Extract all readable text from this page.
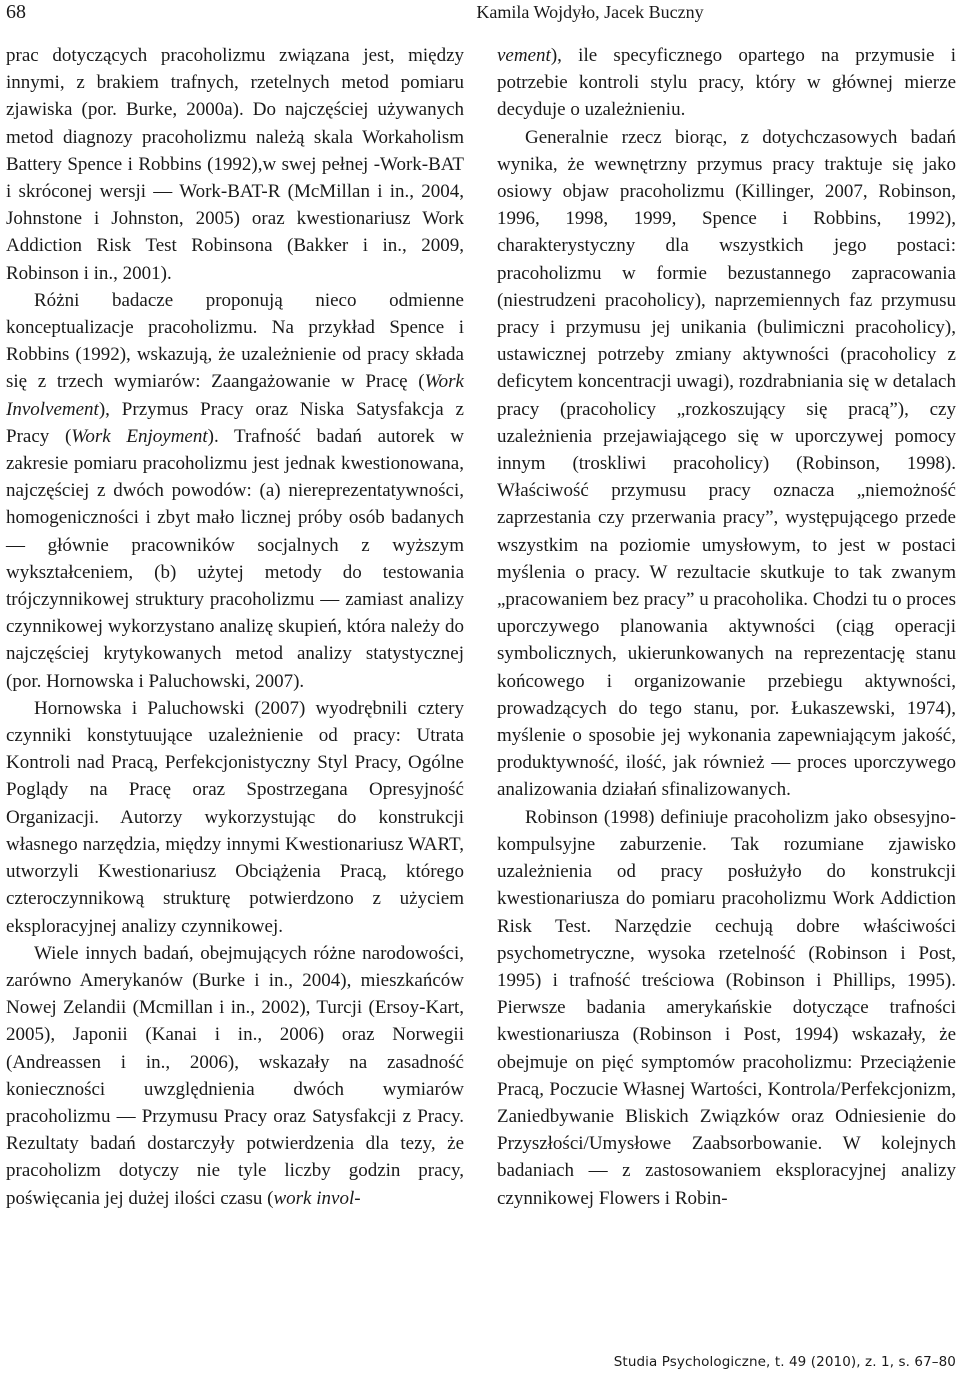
68	Kamila Wojdyło, Jacek Buczny

prac dotyczących pracoholizmu związana jest, między innymi, z brakiem trafnych, rzetelnych metod pomiaru zjawiska (por. Burke, 2000a). Do najczęściej używanych metod diagnozy pracoholizmu należą skala Workaholism Battery Spence i Robbins (1992),w swej pełnej -Work-BAT i skróconej wersji — Work-BAT-R (McMillan i in., 2004, Johnstone i Johnston, 2005) oraz kwestionariusz Work Addiction Risk Test Robinsona (Bakker i in., 2009, Robinson i in., 2001).

Różni badacze proponują nieco odmienne konceptualizacje pracoholizmu. Na przykład Spence i Robbins (1992), wskazują, że uzależnienie od pracy składa się z trzech wymiarów: Zaangażowanie w Pracę (Work Involvement), Przymus Pracy oraz Niska Satysfakcja z Pracy (Work Enjoyment). Trafność badań autorek w zakresie pomiaru pracoholizmu jest jednak kwestionowana, najczęściej z dwóch powodów: (a) niereprezentatywności, homogeniczności i zbyt mało licznej próby osób badanych — głównie pracowników socjalnych z wyższym wykształceniem, (b) użytej metody do testowania trójczynnikowej struktury pracoholizmu — zamiast analizy czynnikowej wykorzystano analizę skupień, która należy do najczęściej krytykowanych metod analizy statystycznej (por. Hornowska i Paluchowski, 2007).

Hornowska i Paluchowski (2007) wyodrębnili cztery czynniki konstytuujące uzależnienie od pracy: Utrata Kontroli nad Pracą, Perfekcjonistyczny Styl Pracy, Ogólne Poglądy na Pracę oraz Spostrzegana Opresyjność Organizacji. Autorzy wykorzystując do konstrukcji własnego narzędzia, między innymi Kwestionariusz WART, utworzyli Kwestionariusz Obciążenia Pracą, którego czteroczynnikową strukturę potwierdzono z użyciem eksploracyjnej analizy czynnikowej.

Wiele innych badań, obejmujących różne narodowości, zarówno Amerykanów (Burke i in., 2004), mieszkańców Nowej Zelandii (Mcmillan i in., 2002), Turcji (Ersoy-Kart, 2005), Japonii (Kanai i in., 2006) oraz Norwegii (Andreassen i in., 2006), wskazały na zasadność konieczności uwzględnienia dwóch wymiarów pracoholizmu — Przymusu Pracy oraz Satysfakcji z Pracy. Rezultaty badań dostarczyły potwierdzenia dla tezy, że pracoholizm dotyczy nie tyle liczby godzin pracy, poświęcania jej dużej ilości czasu (work invol-

vement), ile specyficznego opartego na przymusie i potrzebie kontroli stylu pracy, który w głównej mierze decyduje o uzależnieniu.

Generalnie rzecz biorąc, z dotychczasowych badań wynika, że wewnętrzny przymus pracy traktuje się jako osiowy objaw pracoholizmu (Killinger, 2007, Robinson, 1996, 1998, 1999, Spence i Robbins, 1992), charakterystyczny dla wszystkich jego postaci: pracoholizmu w formie bezustannego zapracowania (niestrudzeni pracoholicy), naprzemiennych faz przymusu pracy i przymusu jej unikania (bulimiczni pracoholicy), ustawicznej potrzeby zmiany aktywności (pracoholicy z deficytem koncentracji uwagi), rozdrabniania się w detalach pracy (pracoholicy „rozkoszujący się pracą”), czy uzależnienia przejawiającego się w uporczywej pomocy innym (troskliwi pracoholicy) (Robinson, 1998). Właściwość przymusu pracy oznacza „niemożność zaprzestania czy przerwania pracy”, występującego przede wszystkim na poziomie umysłowym, to jest w postaci myślenia o pracy. W rezultacie skutkuje to tak zwanym „pracowaniem bez pracy” u pracoholika. Chodzi tu o proces uporczywego planowania aktywności (ciąg operacji symbolicznych, ukierunkowanych na reprezentację stanu końcowego i organizowanie przebiegu aktywności, prowadzących do tego stanu, por. Łukaszewski, 1974), myślenie o sposobie jej wykonania zapewniającym jakość, produktywność, ilość, jak również — proces uporczywego analizowania działań sfinalizowanych.

Robinson (1998) definiuje pracoholizm jako obsesyjno-kompulsyjne zaburzenie. Tak rozumiane zjawisko uzależnienia od pracy posłużyło do konstrukcji kwestionariusza do pomiaru pracoholizmu Work Addiction Risk Test. Narzędzie cechują dobre właściwości psychometryczne, wysoka rzetelność (Robinson i Post, 1995) i trafność treściowa (Robinson i Phillips, 1995). Pierwsze badania amerykańskie dotyczące trafności kwestionariusza (Robinson i Post, 1994) wskazały, że obejmuje on pięć symptomów pracoholizmu: Przeciążenie Pracą, Poczucie Własnej Wartości, Kontrola/Perfekcjonizm, Zaniedbywanie Bliskich Związków oraz Odniesienie do Przyszłości/Umysłowe Zaabsorbowanie. W kolejnych badaniach — z zastosowaniem eksploracyjnej analizy czynnikowej Flowers i Robin-

Studia Psychologiczne, t. 49 (2010), z. 1, s. 67–80
